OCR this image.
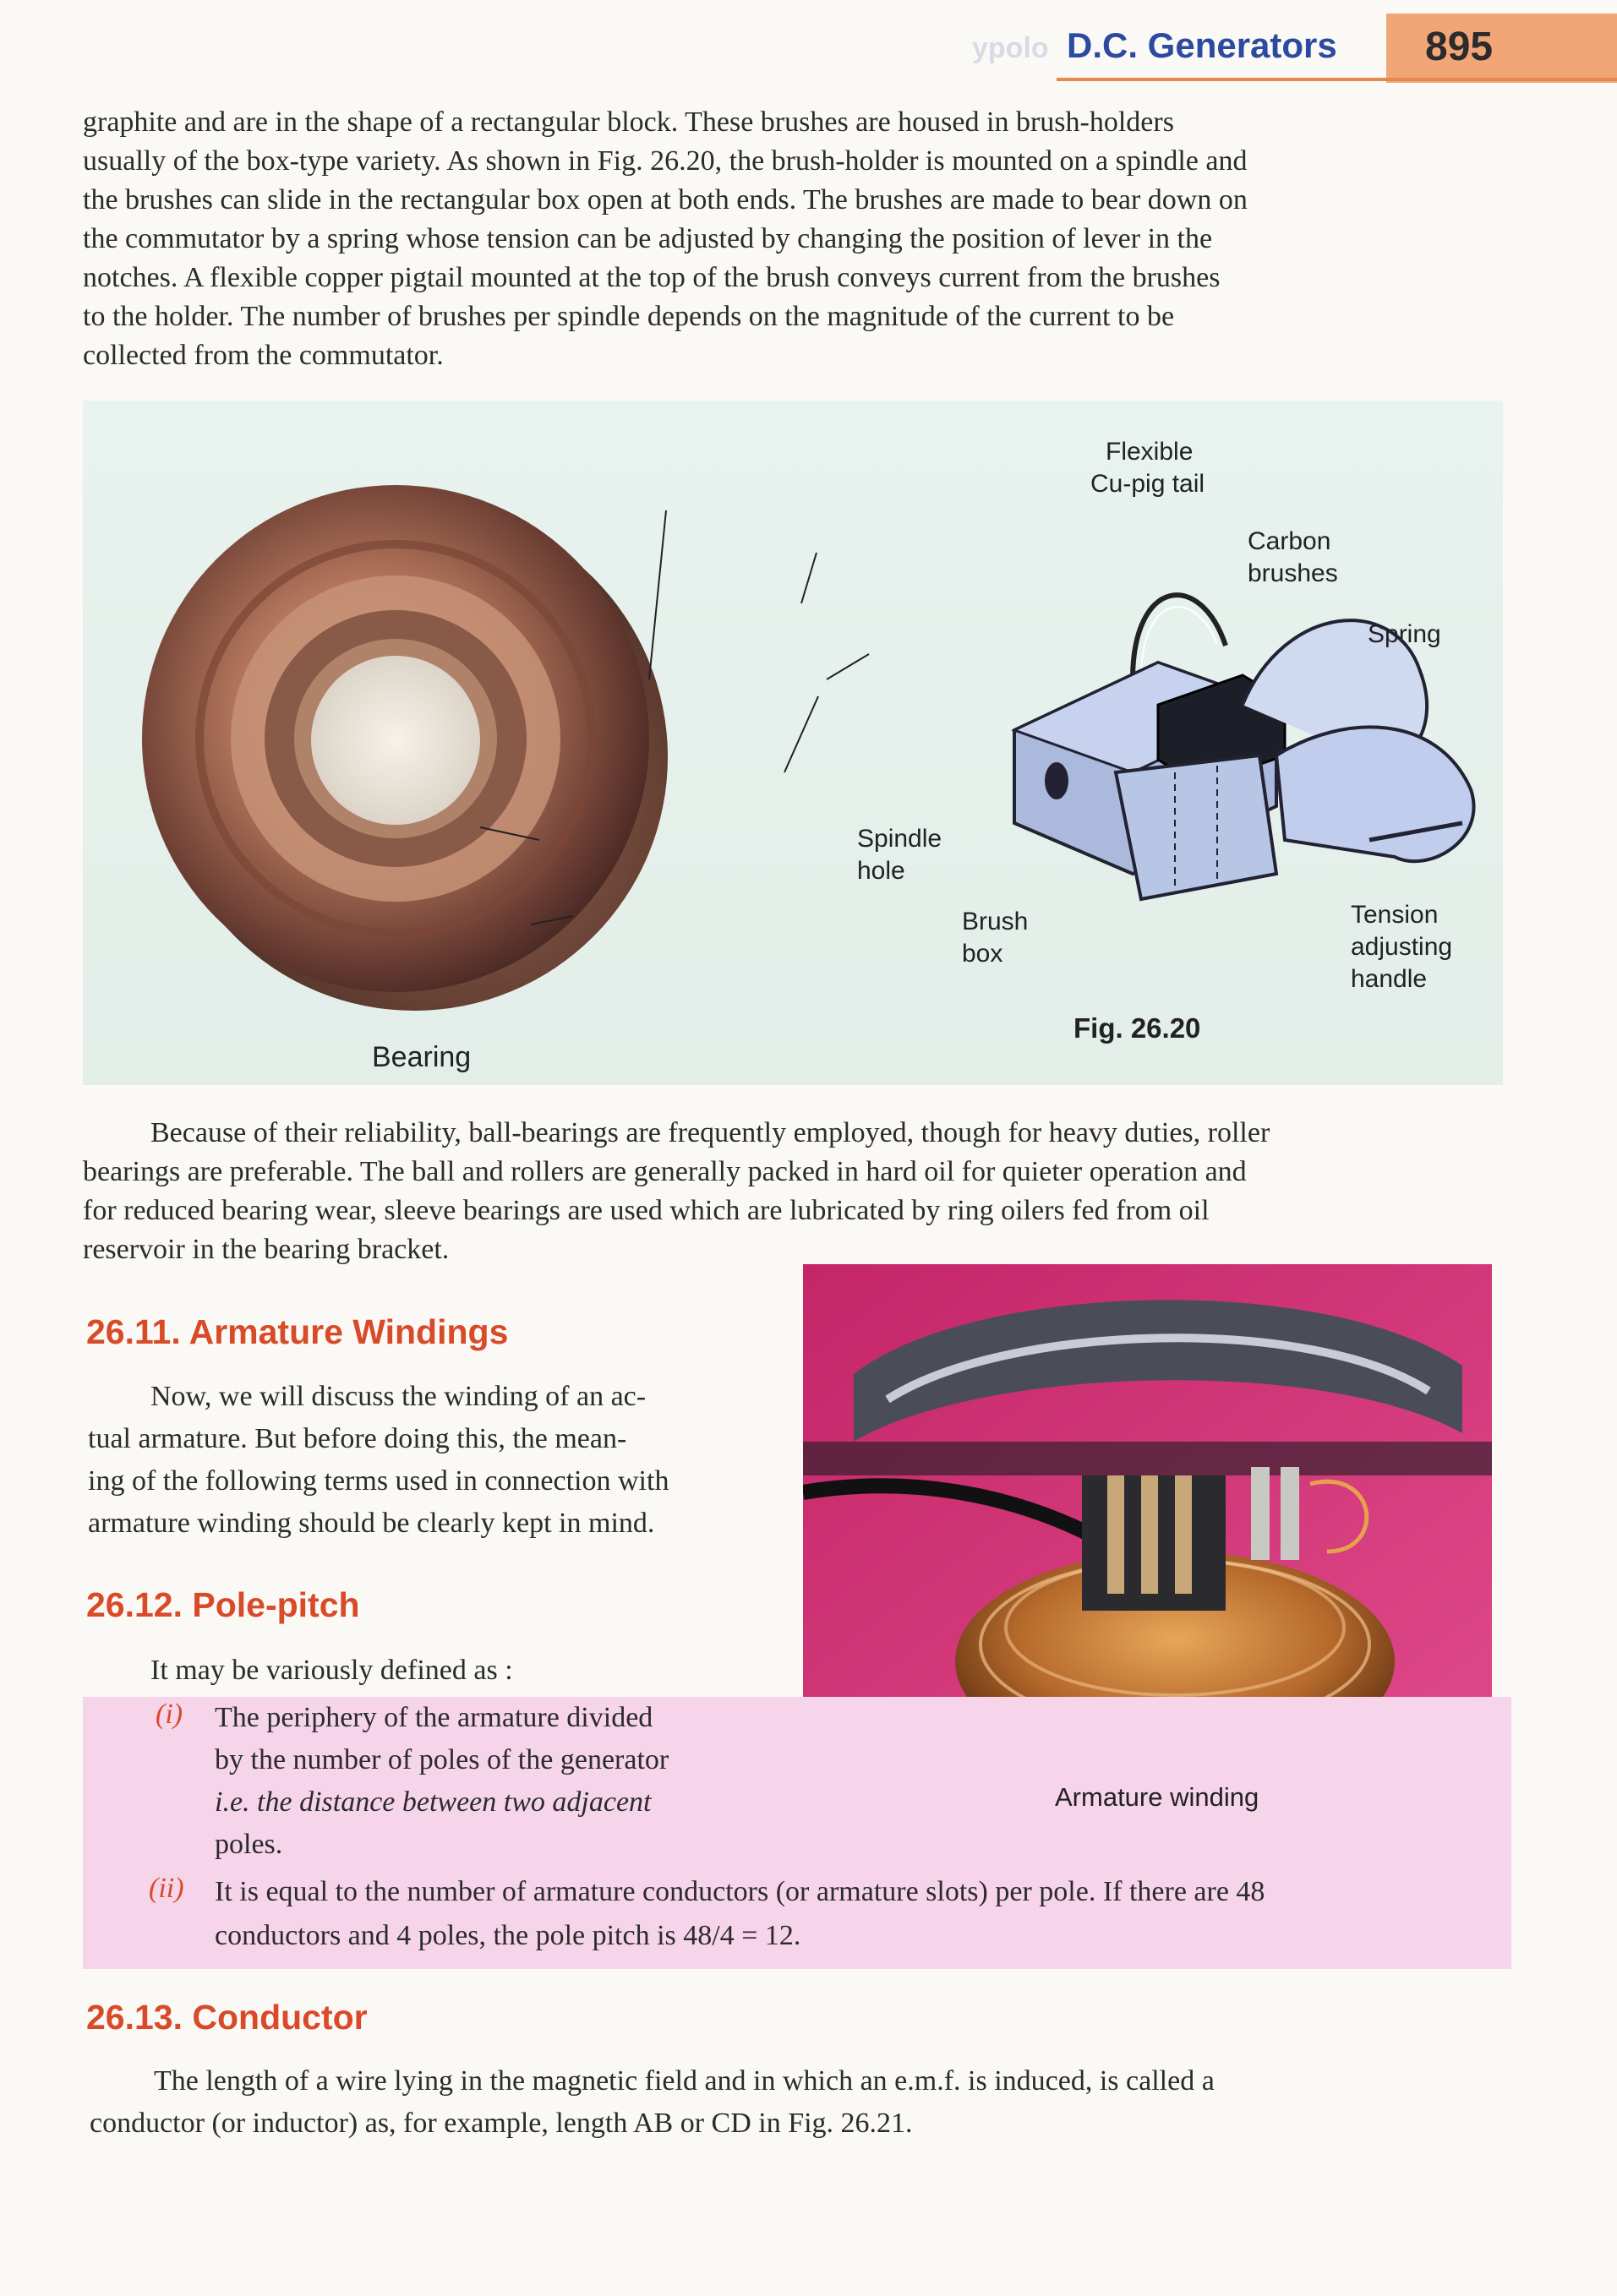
ypolo D.C. Generators 895
graphite and are in the shape of a rectangular block. These brushes are housed in brush-holders
usually of the box-type variety. As shown in Fig. 26.20, the brush-holder is mounted on a spindle and
the brushes can slide in the rectangular box open at both ends. The brushes are made to bear down on
the commutator by a spring whose tension can be adjusted by changing the position of lever in the
notches. A flexible copper pigtail mounted at the top of the brush conveys current from the brushes
to the holder. The number of brushes per spindle depends on the magnitude of the current to be
collected from the commutator.
Bearing
Flexible
Cu-pig tail
Carbon
brushes
Spring
Spindle
hole
Brush
box
Tension
adjusting
handle
Fig. 26.20
Because of their reliability, ball-bearings are frequently employed, though for heavy duties, roller
bearings are preferable. The ball and rollers are generally packed in hard oil for quieter operation and
for reduced bearing wear, sleeve bearings are used which are lubricated by ring oilers fed from oil
reservoir in the bearing bracket.
26.11. Armature Windings
Now, we will discuss the winding of an ac-
tual armature. But before doing this, the mean-
ing of the following terms used in connection with
armature winding should be clearly kept in mind.
Armature winding
26.12. Pole-pitch
It may be variously defined as :
(i) The periphery of the armature divided
by the number of poles of the generator
i.e. the distance between two adjacent
poles.
(ii) It is equal to the number of armature conductors (or armature slots) per pole. If there are 48
conductors and 4 poles, the pole pitch is 48/4 = 12.
26.13. Conductor
The length of a wire lying in the magnetic field and in which an e.m.f. is induced, is called a
conductor (or inductor) as, for example, length AB or CD in Fig. 26.21.
